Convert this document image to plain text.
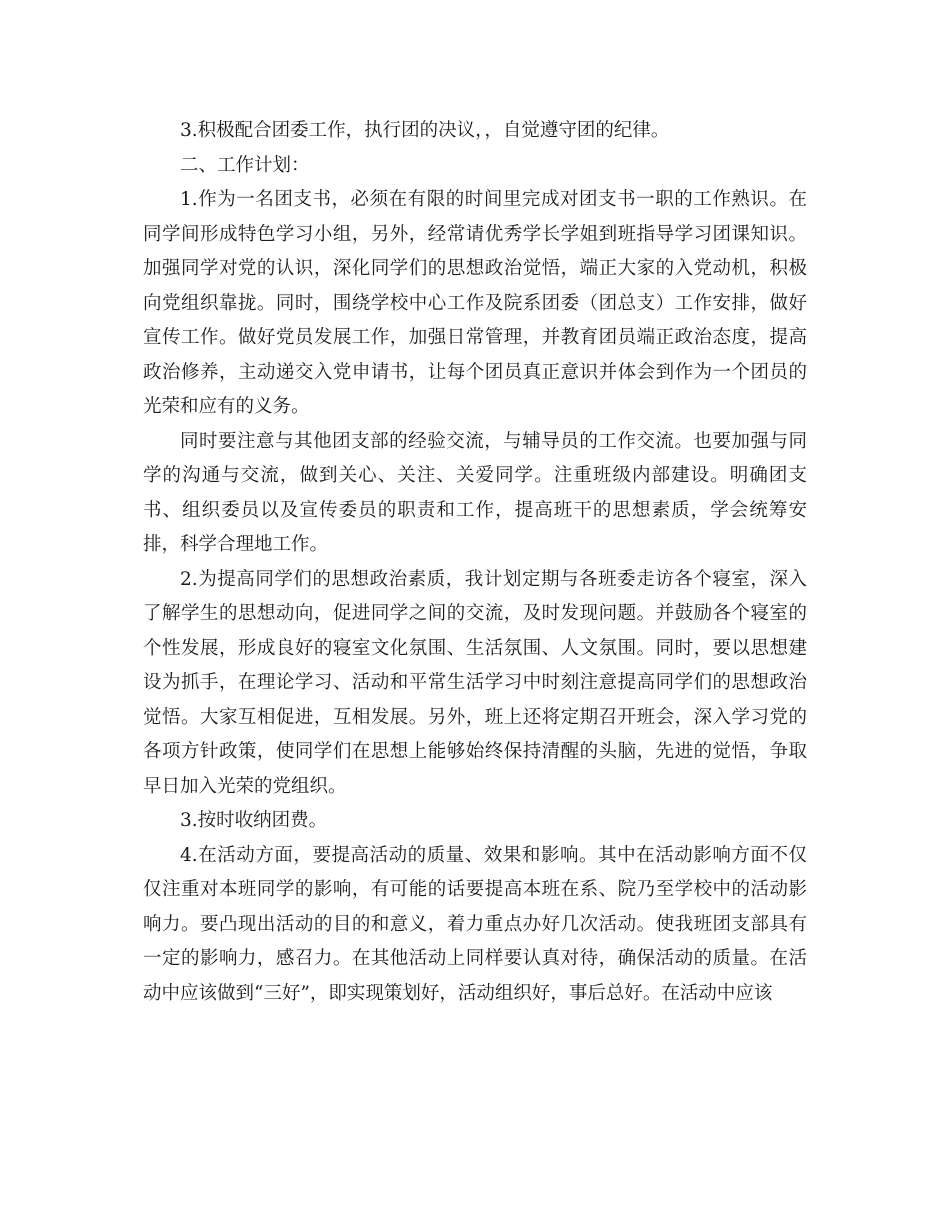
3.积极配合团委工作，执行团的决议，，自觉遵守团的纪律。

二、工作计划：

1.作为一名团支书，必须在有限的时间里完成对团支书一职的工作熟识。在同学间形成特色学习小组，另外，经常请优秀学长学姐到班指导学习团课知识。加强同学对党的认识，深化同学们的思想政治觉悟，端正大家的入党动机，积极向党组织靠拢。同时，围绕学校中心工作及院系团委（团总支）工作安排，做好宣传工作。做好党员发展工作，加强日常管理，并教育团员端正政治态度，提高政治修养，主动递交入党申请书，让每个团员真正意识并体会到作为一个团员的光荣和应有的义务。

同时要注意与其他团支部的经验交流，与辅导员的工作交流。也要加强与同学的沟通与交流，做到关心、关注、关爱同学。注重班级内部建设。明确团支书、组织委员以及宣传委员的职责和工作，提高班干的思想素质，学会统筹安排，科学合理地工作。

2.为提高同学们的思想政治素质，我计划定期与各班委走访各个寝室，深入了解学生的思想动向，促进同学之间的交流，及时发现问题。并鼓励各个寝室的个性发展，形成良好的寝室文化氛围、生活氛围、人文氛围。同时，要以思想建设为抓手，在理论学习、活动和平常生活学习中时刻注意提高同学们的思想政治觉悟。大家互相促进，互相发展。另外，班上还将定期召开班会，深入学习党的各项方针政策，使同学们在思想上能够始终保持清醒的头脑，先进的觉悟，争取早日加入光荣的党组织。

3.按时收纳团费。

4.在活动方面，要提高活动的质量、效果和影响。其中在活动影响方面不仅仅注重对本班同学的影响，有可能的话要提高本班在系、院乃至学校中的活动影响力。要凸现出活动的目的和意义，着力重点办好几次活动。使我班团支部具有一定的影响力，感召力。在其他活动上同样要认真对待，确保活动的质量。在活动中应该做到“三好”，即实现策划好，活动组织好，事后总好。在活动中应该
